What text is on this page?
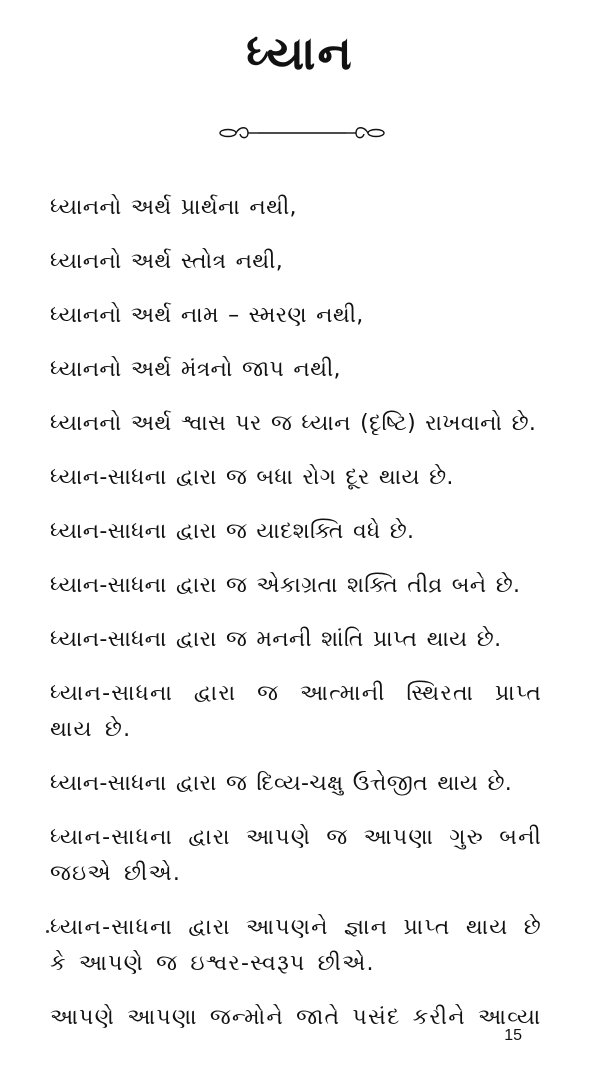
ધ્યાન

ધ્યાનનો અર્થ પ્રાર્થના નથી,

ધ્યાનનો અર્થ સ્તોત્ર નથી,

ધ્યાનનો અર્થ નામ – સ્મરણ નથી,

ધ્યાનનો અર્થ મંત્રનો જાપ નથી,

ધ્યાનનો અર્થ શ્વાસ પર જ ધ્યાન (દૃષ્ટિ) રાખવાનો છે.

ધ્યાન-સાધના દ્વારા જ બધા રોગ દૂર થાય છે.

ધ્યાન-સાધના દ્વારા જ યાદશક્તિ વધે છે.

ધ્યાન-સાધના દ્વારા જ એકાગ્રતા શક્તિ તીવ્ર બને છે.

ધ્યાન-સાધના દ્વારા જ મનની શાંતિ પ્રાપ્ત થાય છે.

ધ્યાન-સાધના દ્વારા જ આત્માની સ્થિરતા પ્રાપ્ત થાય છે.

ધ્યાન-સાધના દ્વારા જ દિવ્ય-ચક્ષુ ઉત્તેજીત થાય છે.

ધ્યાન-સાધના દ્વારા આપણે જ આપણા ગુરુ બની જઇએ છીએ.

ધ્યાન-સાધના દ્વારા આપણને જ્ઞાન પ્રાપ્ત થાય છે કે આપણે જ ઇશ્વર-સ્વરૂપ છીએ.

આપણે આપણા જન્મોને જાતે પસંદ કરીને આવ્યા

15
